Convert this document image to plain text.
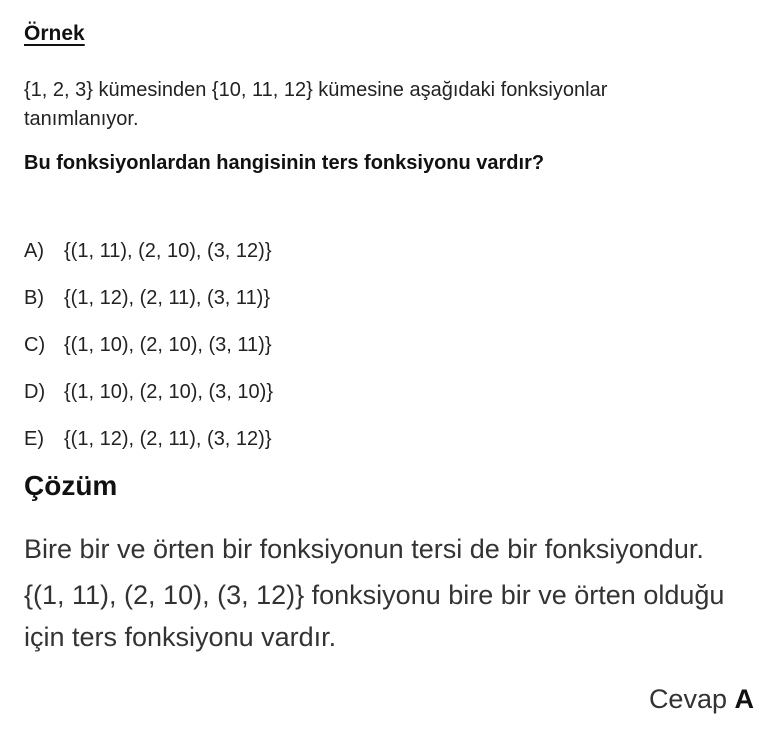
Örnek
{1, 2, 3} kümesinden {10, 11, 12} kümesine aşağıdaki fonksiyonlar tanımlanıyor.
Bu fonksiyonlardan hangisinin ters fonksiyonu vardır?
A) {(1, 11), (2, 10), (3, 12)}
B) {(1, 12), (2, 11), (3, 11)}
C) {(1, 10), (2, 10), (3, 11)}
D) {(1, 10), (2, 10), (3, 10)}
E) {(1, 12), (2, 11), (3, 12)}
Çözüm

Bire bir ve örten bir fonksiyonun tersi de bir fonksiyondur.

{(1, 11), (2, 10), (3, 12)} fonksiyonu bire bir ve örten olduğu için ters fonksiyonu vardır.

Cevap A
